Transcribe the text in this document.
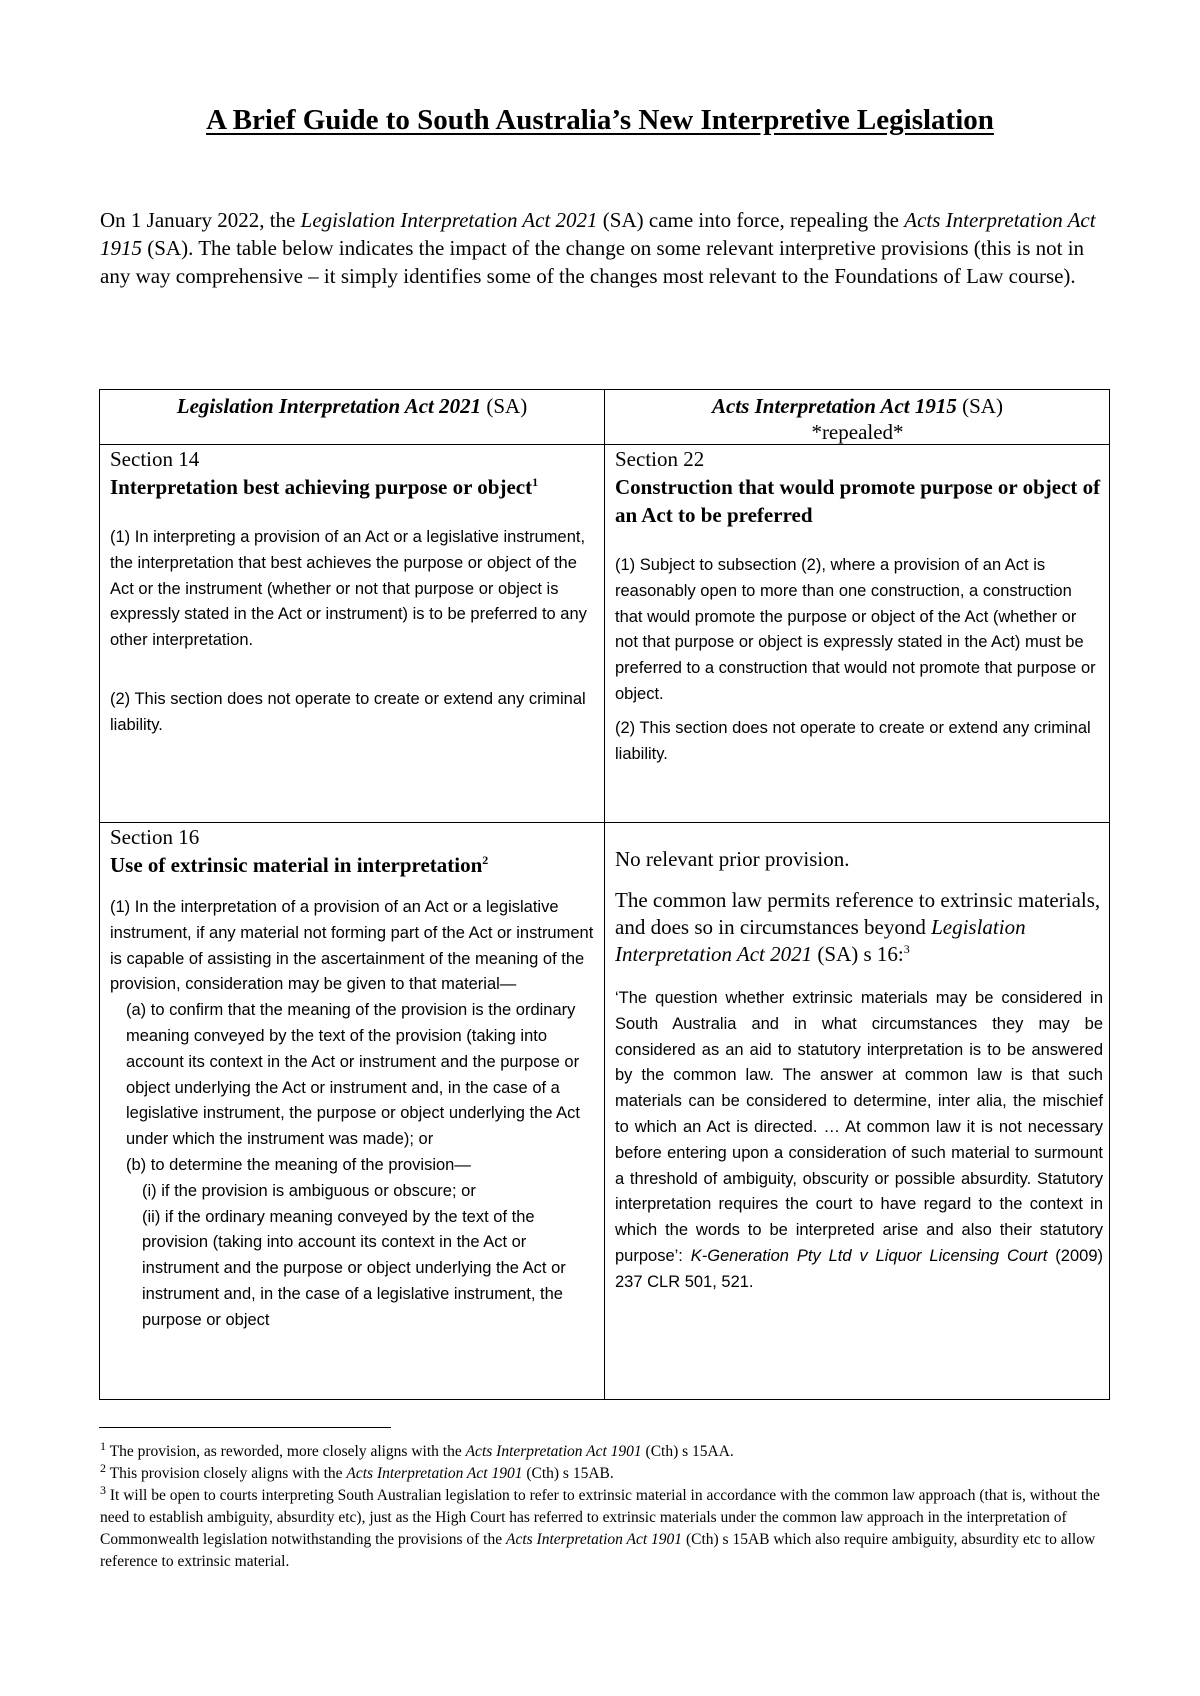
A Brief Guide to South Australia’s New Interpretive Legislation
On 1 January 2022, the Legislation Interpretation Act 2021 (SA) came into force, repealing the Acts Interpretation Act 1915 (SA). The table below indicates the impact of the change on some relevant interpretive provisions (this is not in any way comprehensive – it simply identifies some of the changes most relevant to the Foundations of Law course).
Legislation Interpretation Act 2021 (SA)	Acts Interpretation Act 1915 (SA)
*repealed*
Section 14
Interpretation best achieving purpose or object$^1$
(1) In interpreting a provision of an Act or a legislative instrument, the interpretation that best achieves the purpose or object of the Act or the instrument (whether or not that purpose or object is expressly stated in the Act or instrument) is to be preferred to any other interpretation.
(2) This section does not operate to create or extend any criminal liability.
Section 22
Construction that would promote purpose or object of an Act to be preferred
(1) Subject to subsection (2), where a provision of an Act is reasonably open to more than one construction, a construction that would promote the purpose or object of the Act (whether or not that purpose or object is expressly stated in the Act) must be preferred to a construction that would not promote that purpose or object.
(2) This section does not operate to create or extend any criminal liability.
Section 16
Use of extrinsic material in interpretation$^2$
(1) In the interpretation of a provision of an Act or a legislative instrument, if any material not forming part of the Act or instrument is capable of assisting in the ascertainment of the meaning of the provision, consideration may be given to that material—
(a) to confirm that the meaning of the provision is the ordinary meaning conveyed by the text of the provision (taking into account its context in the Act or instrument and the purpose or object underlying the Act or instrument and, in the case of a legislative instrument, the purpose or object underlying the Act under which the instrument was made); or
(b) to determine the meaning of the provision—
(i) if the provision is ambiguous or obscure; or
(ii) if the ordinary meaning conveyed by the text of the provision (taking into account its context in the Act or instrument and the purpose or object underlying the Act or instrument and, in the case of a legislative instrument, the purpose or object
No relevant prior provision.
The common law permits reference to extrinsic materials, and does so in circumstances beyond Legislation Interpretation Act 2021 (SA) s 16:$^3$
‘The question whether extrinsic materials may be considered in South Australia and in what circumstances they may be considered as an aid to statutory interpretation is to be answered by the common law. The answer at common law is that such materials can be considered to determine, inter alia, the mischief to which an Act is directed. … At common law it is not necessary before entering upon a consideration of such material to surmount a threshold of ambiguity, obscurity or possible absurdity. Statutory interpretation requires the court to have regard to the context in which the words to be interpreted arise and also their statutory purpose’: K-Generation Pty Ltd v Liquor Licensing Court (2009) 237 CLR 501, 521.
$^1$ The provision, as reworded, more closely aligns with the Acts Interpretation Act 1901 (Cth) s 15AA.
$^2$ This provision closely aligns with the Acts Interpretation Act 1901 (Cth) s 15AB.
$^3$ It will be open to courts interpreting South Australian legislation to refer to extrinsic material in accordance with the common law approach (that is, without the need to establish ambiguity, absurdity etc), just as the High Court has referred to extrinsic materials under the common law approach in the interpretation of Commonwealth legislation notwithstanding the provisions of the Acts Interpretation Act 1901 (Cth) s 15AB which also require ambiguity, absurdity etc to allow reference to extrinsic material.
